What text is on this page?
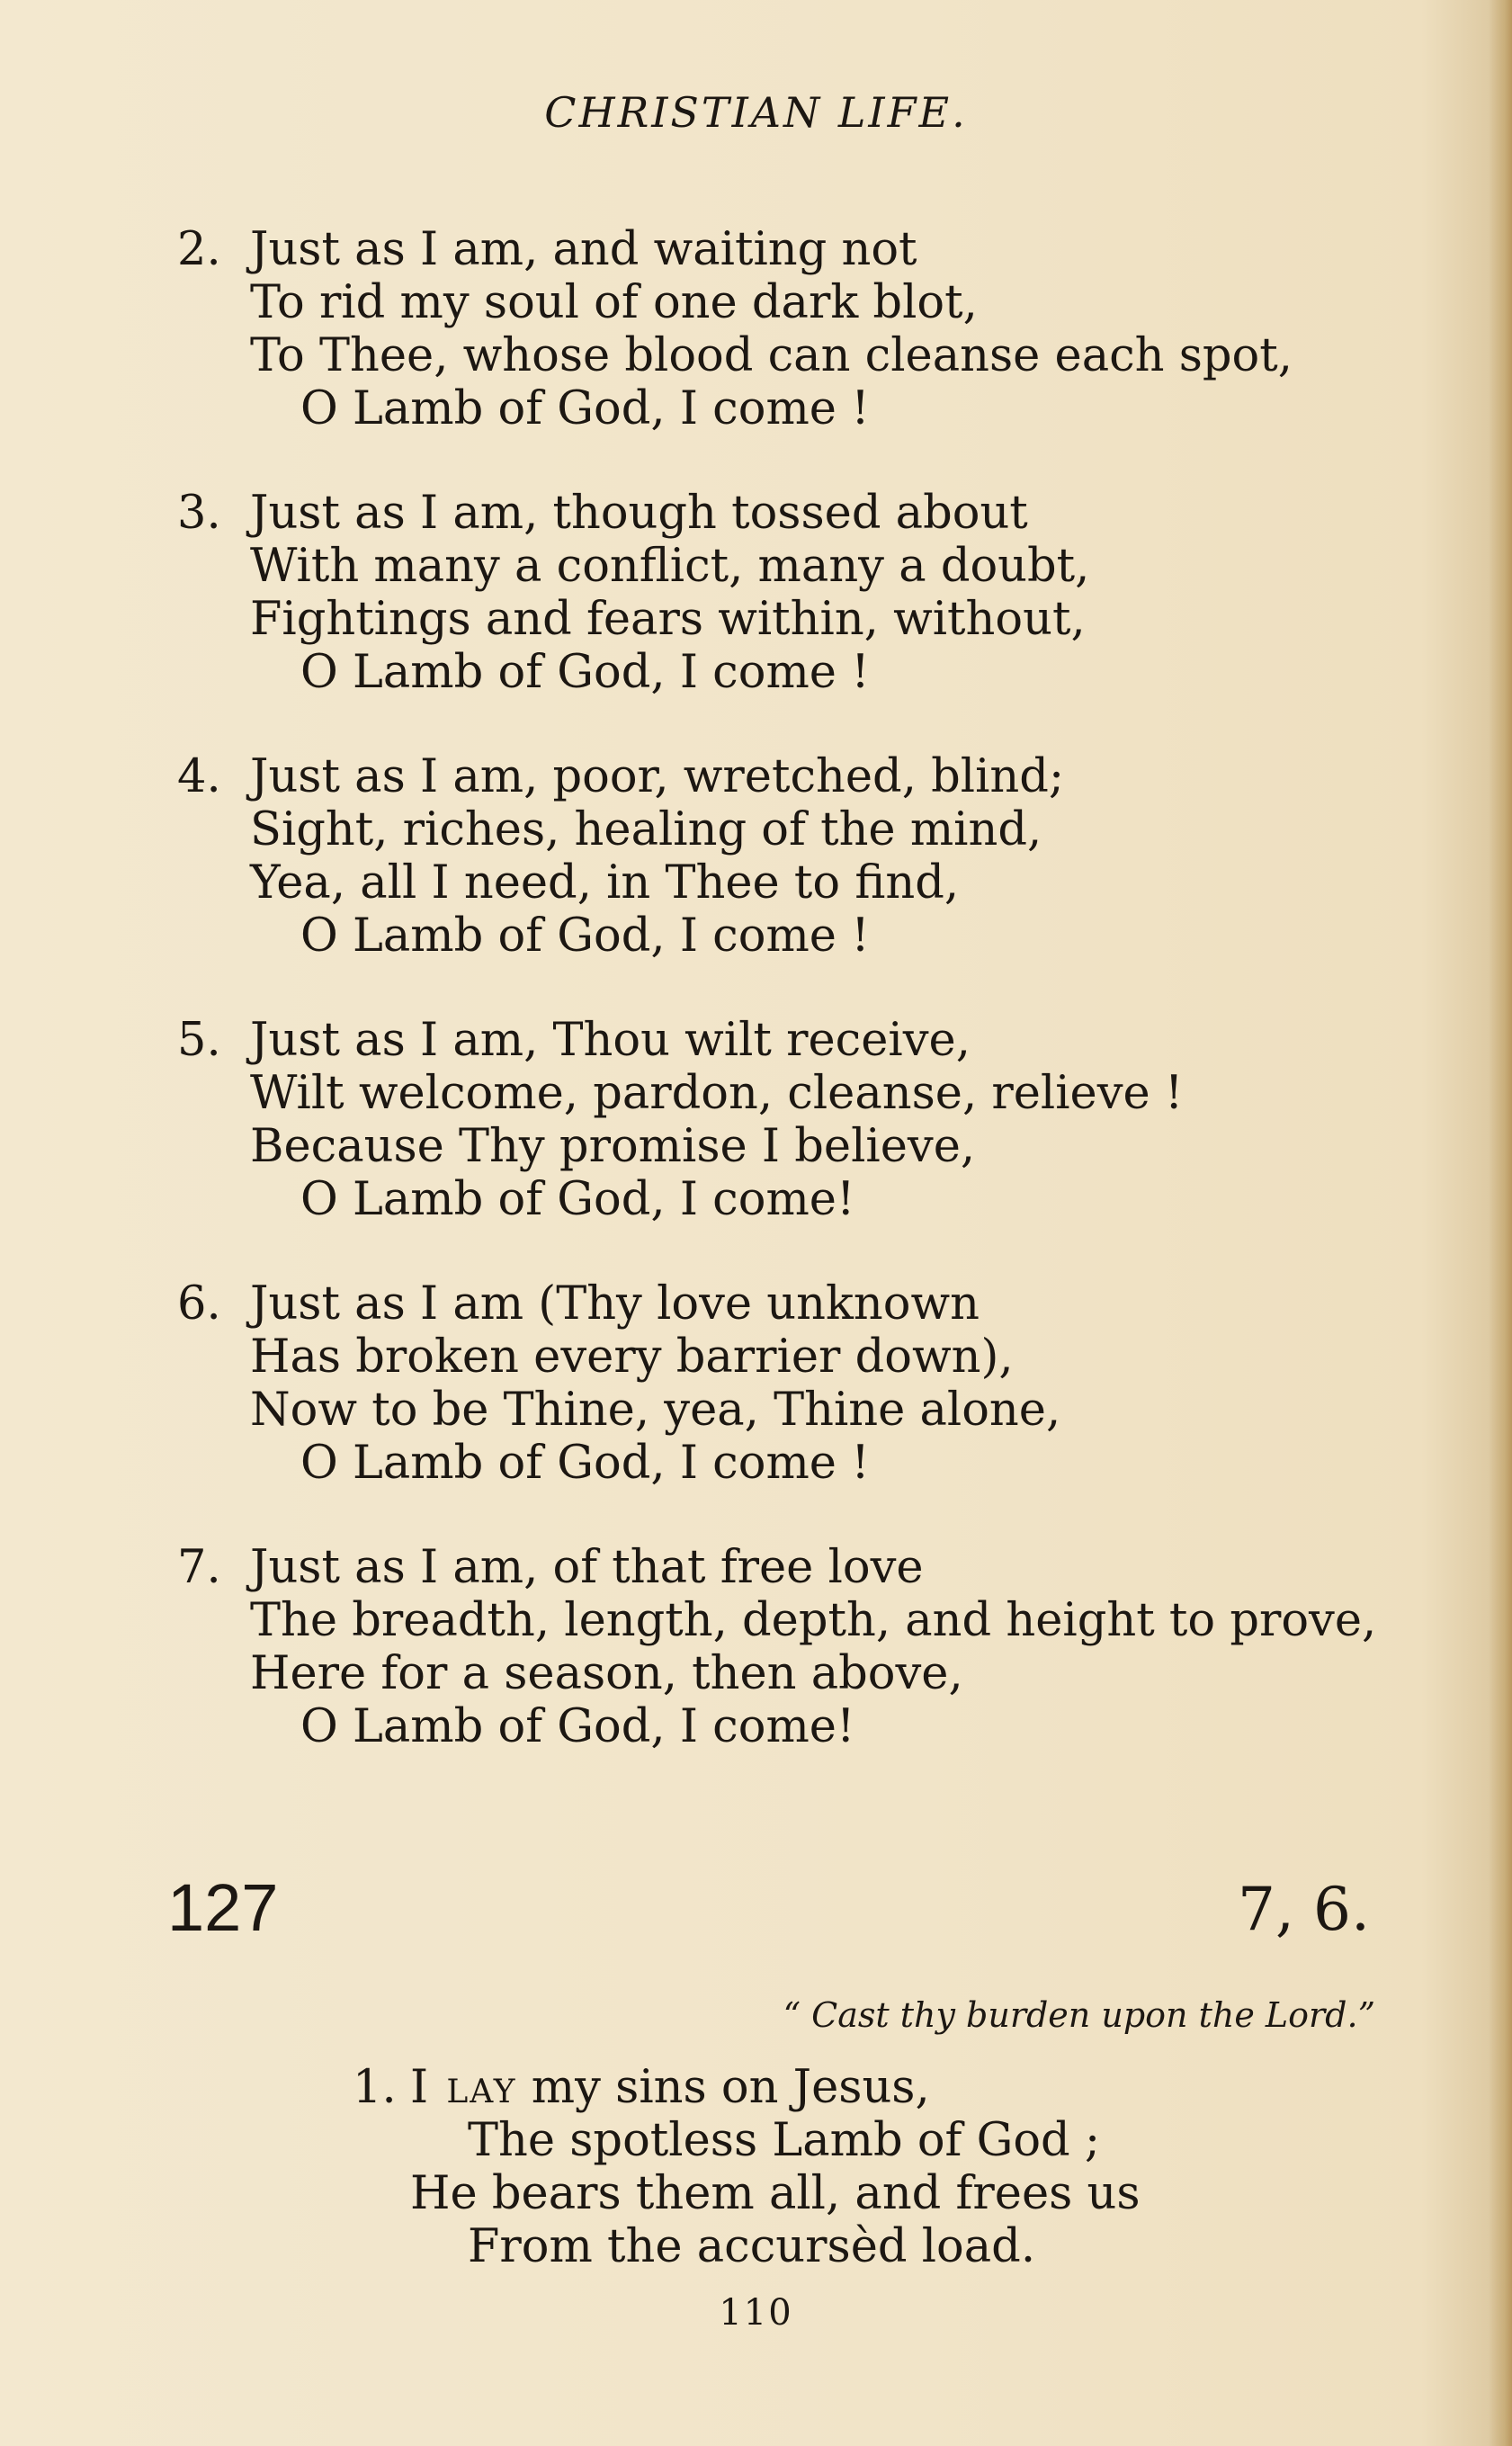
CHRISTIAN LIFE.
2. Just as I am, and waiting not
To rid my soul of one dark blot,
To Thee, whose blood can cleanse each spot,
O Lamb of God, I come !
3. Just as I am, though tossed about
With many a conflict, many a doubt,
Fightings and fears within, without,
O Lamb of God, I come !
4. Just as I am, poor, wretched, blind;
Sight, riches, healing of the mind,
Yea, all I need, in Thee to find,
O Lamb of God, I come !
5. Just as I am, Thou wilt receive,
Wilt welcome, pardon, cleanse, relieve !
Because Thy promise I believe,
O Lamb of God, I come!
6. Just as I am (Thy love unknown
Has broken every barrier down),
Now to be Thine, yea, Thine alone,
O Lamb of God, I come !
7. Just as I am, of that free love
The breadth, length, depth, and height to prove,
Here for a season, then above,
O Lamb of God, I come!
127	7, 6.
“ Cast thy burden upon the Lord.”
1. I lay my sins on Jesus,
The spotless Lamb of God ;
He bears them all, and frees us
From the accursèd load.
110
